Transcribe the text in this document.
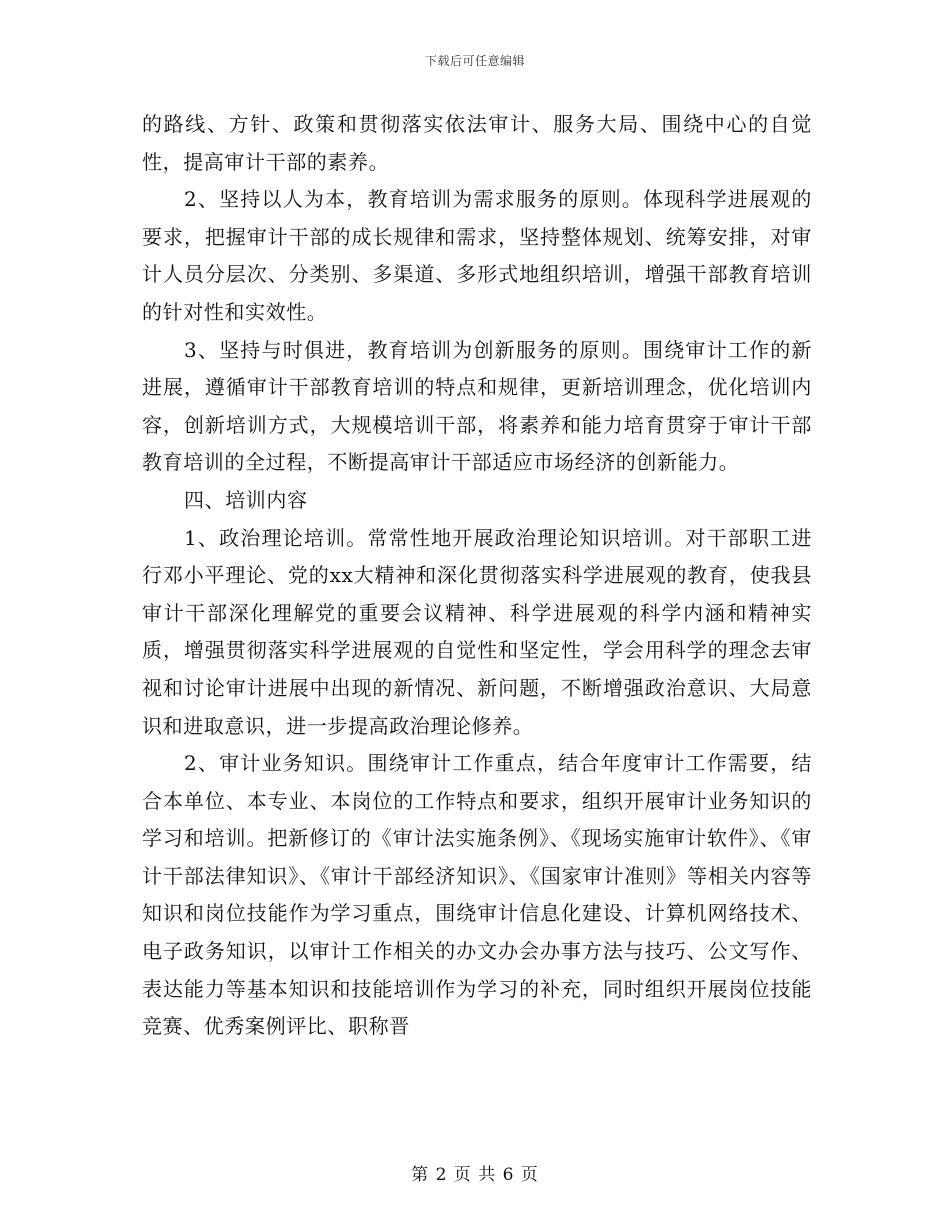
下载后可任意编辑

的路线、方针、政策和贯彻落实依法审计、服务大局、围绕中心的自觉性，提高审计干部的素养。

2、坚持以人为本，教育培训为需求服务的原则。体现科学进展观的要求，把握审计干部的成长规律和需求，坚持整体规划、统筹安排，对审计人员分层次、分类别、多渠道、多形式地组织培训，增强干部教育培训的针对性和实效性。

3、坚持与时俱进，教育培训为创新服务的原则。围绕审计工作的新进展，遵循审计干部教育培训的特点和规律，更新培训理念，优化培训内容，创新培训方式，大规模培训干部，将素养和能力培育贯穿于审计干部教育培训的全过程，不断提高审计干部适应市场经济的创新能力。

四、培训内容

1、政治理论培训。常常性地开展政治理论知识培训。对干部职工进行邓小平理论、党的xx大精神和深化贯彻落实科学进展观的教育，使我县审计干部深化理解党的重要会议精神、科学进展观的科学内涵和精神实质，增强贯彻落实科学进展观的自觉性和坚定性，学会用科学的理念去审视和讨论审计进展中出现的新情况、新问题，不断增强政治意识、大局意识和进取意识，进一步提高政治理论修养。

2、审计业务知识。围绕审计工作重点，结合年度审计工作需要，结合本单位、本专业、本岗位的工作特点和要求，组织开展审计业务知识的学习和培训。把新修订的《审计法实施条例》、《现场实施审计软件》、《审计干部法律知识》、《审计干部经济知识》、《国家审计准则》等相关内容等知识和岗位技能作为学习重点，围绕审计信息化建设、计算机网络技术、电子政务知识，以审计工作相关的办文办会办事方法与技巧、公文写作、表达能力等基本知识和技能培训作为学习的补充，同时组织开展岗位技能竞赛、优秀案例评比、职称晋

第 2 页 共 6 页
